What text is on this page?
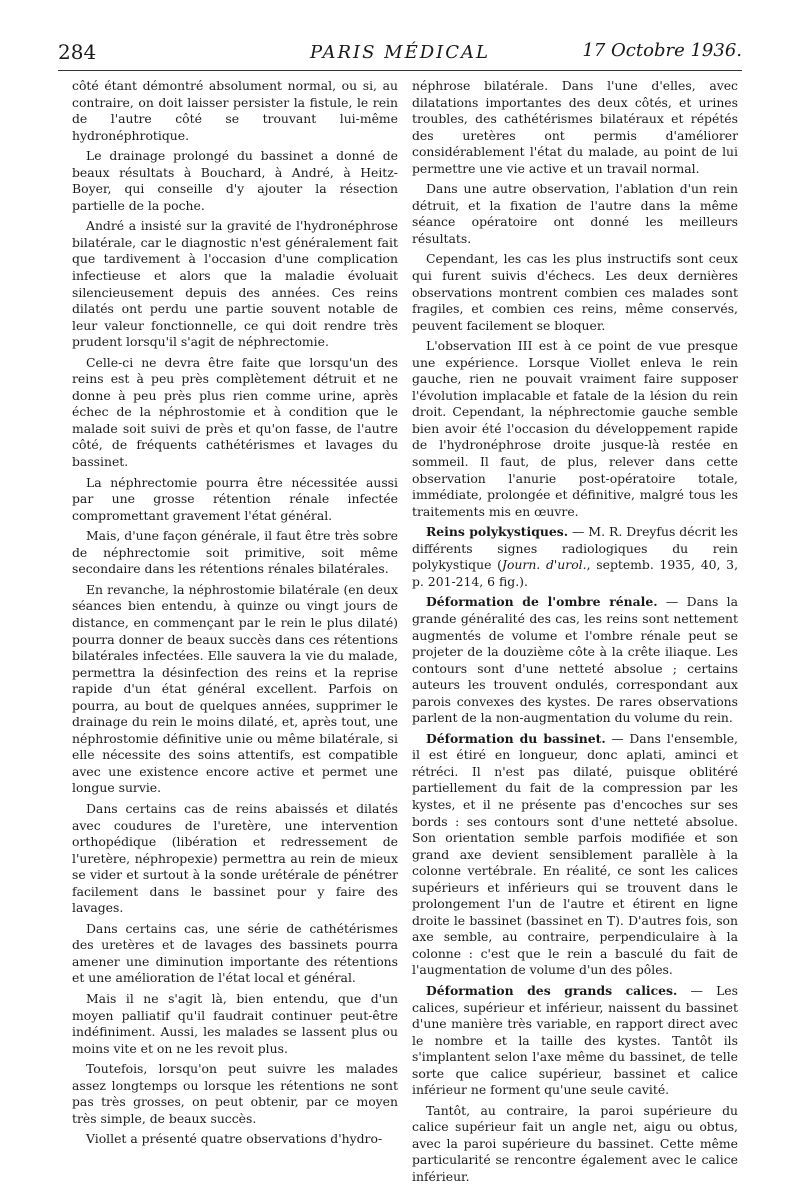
284	PARIS MÉDICAL	17 Octobre 1936.

côté étant démontré absolument normal, ou si, au contraire, on doit laisser persister la fistule, le rein de l'autre côté se trouvant lui-même hydronéphrotique.

Le drainage prolongé du bassinet a donné de beaux résultats à Bouchard, à André, à Heitz-Boyer, qui conseille d'y ajouter la résection partielle de la poche.

André a insisté sur la gravité de l'hydronéphrose bilatérale, car le diagnostic n'est généralement fait que tardivement à l'occasion d'une complication infectieuse et alors que la maladie évoluait silencieusement depuis des années. Ces reins dilatés ont perdu une partie souvent notable de leur valeur fonctionnelle, ce qui doit rendre très prudent lorsqu'il s'agit de néphrectomie.

Celle-ci ne devra être faite que lorsqu'un des reins est à peu près complètement détruit et ne donne à peu près plus rien comme urine, après échec de la néphrostomie et à condition que le malade soit suivi de près et qu'on fasse, de l'autre côté, de fréquents cathétérismes et lavages du bassinet.

La néphrectomie pourra être nécessitée aussi par une grosse rétention rénale infectée compromettant gravement l'état général.

Mais, d'une façon générale, il faut être très sobre de néphrectomie soit primitive, soit même secondaire dans les rétentions rénales bilatérales.

En revanche, la néphrostomie bilatérale (en deux séances bien entendu, à quinze ou vingt jours de distance, en commençant par le rein le plus dilaté) pourra donner de beaux succès dans ces rétentions bilatérales infectées. Elle sauvera la vie du malade, permettra la désinfection des reins et la reprise rapide d'un état général excellent. Parfois on pourra, au bout de quelques années, supprimer le drainage du rein le moins dilaté, et, après tout, une néphrostomie définitive unie ou même bilatérale, si elle nécessite des soins attentifs, est compatible avec une existence encore active et permet une longue survie.

Dans certains cas de reins abaissés et dilatés avec coudures de l'uretère, une intervention orthopédique (libération et redressement de l'uretère, néphropexie) permettra au rein de mieux se vider et surtout à la sonde urétérale de pénétrer facilement dans le bassinet pour y faire des lavages.

Dans certains cas, une série de cathétérismes des uretères et de lavages des bassinets pourra amener une diminution importante des rétentions et une amélioration de l'état local et général.

Mais il ne s'agit là, bien entendu, que d'un moyen palliatif qu'il faudrait continuer peut-être indéfiniment. Aussi, les malades se lassent plus ou moins vite et on ne les revoit plus.

Toutefois, lorsqu'on peut suivre les malades assez longtemps ou lorsque les rétentions ne sont pas très grosses, on peut obtenir, par ce moyen très simple, de beaux succès.

Viollet a présenté quatre observations d'hydro-

néphrose bilatérale. Dans l'une d'elles, avec dilatations importantes des deux côtés, et urines troubles, des cathétérismes bilatéraux et répétés des uretères ont permis d'améliorer considérablement l'état du malade, au point de lui permettre une vie active et un travail normal.

Dans une autre observation, l'ablation d'un rein détruit, et la fixation de l'autre dans la même séance opératoire ont donné les meilleurs résultats.

Cependant, les cas les plus instructifs sont ceux qui furent suivis d'échecs. Les deux dernières observations montrent combien ces malades sont fragiles, et combien ces reins, même conservés, peuvent facilement se bloquer.

L'observation III est à ce point de vue presque une expérience. Lorsque Viollet enleva le rein gauche, rien ne pouvait vraiment faire supposer l'évolution implacable et fatale de la lésion du rein droit. Cependant, la néphrectomie gauche semble bien avoir été l'occasion du développement rapide de l'hydronéphrose droite jusque-là restée en sommeil. Il faut, de plus, relever dans cette observation l'anurie post-opératoire totale, immédiate, prolongée et définitive, malgré tous les traitements mis en œuvre.

Reins polykystiques. — M. R. Dreyfus décrit les différents signes radiologiques du rein polykystique (Journ. d'urol., septemb. 1935, 40, 3, p. 201-214, 6 fig.).

Déformation de l'ombre rénale. — Dans la grande généralité des cas, les reins sont nettement augmentés de volume et l'ombre rénale peut se projeter de la douzième côte à la crête iliaque. Les contours sont d'une netteté absolue ; certains auteurs les trouvent ondulés, correspondant aux parois convexes des kystes. De rares observations parlent de la non-augmentation du volume du rein.

Déformation du bassinet. — Dans l'ensemble, il est étiré en longueur, donc aplati, aminci et rétréci. Il n'est pas dilaté, puisque oblitéré partiellement du fait de la compression par les kystes, et il ne présente pas d'encoches sur ses bords : ses contours sont d'une netteté absolue. Son orientation semble parfois modifiée et son grand axe devient sensiblement parallèle à la colonne vertébrale. En réalité, ce sont les calices supérieurs et inférieurs qui se trouvent dans le prolongement l'un de l'autre et étirent en ligne droite le bassinet (bassinet en T). D'autres fois, son axe semble, au contraire, perpendiculaire à la colonne : c'est que le rein a basculé du fait de l'augmentation de volume d'un des pôles.

Déformation des grands calices. — Les calices, supérieur et inférieur, naissent du bassinet d'une manière très variable, en rapport direct avec le nombre et la taille des kystes. Tantôt ils s'implantent selon l'axe même du bassinet, de telle sorte que calice supérieur, bassinet et calice inférieur ne forment qu'une seule cavité.

Tantôt, au contraire, la paroi supérieure du calice supérieur fait un angle net, aigu ou obtus, avec la paroi supérieure du bassinet. Cette même particularité se rencontre également avec le calice inférieur.
